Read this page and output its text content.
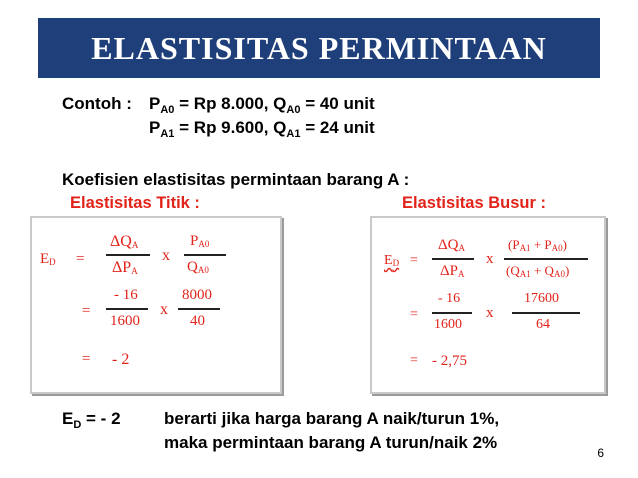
ELASTISITAS PERMINTAAN
Contoh : $P_{A0} = Rp$ 8.000, $Q_{A0} = 40$ unit
$P_{A1} = Rp$ 9.600, $Q_{A1} = 24$ unit
Koefisien elastisitas permintaan barang A :
Elastisitas Titik :	Elastisitas Busur :
$E_D$ =
$\Delta Q_A$
$\Delta P_A$
x
$P_{A0}$
$Q_{A0}$
=
- 16
1600
x
8000
40
= - 2
$E_D$ =
$\Delta Q_A$
$\Delta P_A$
x
$(P_{A1} + P_{A0})$
$(Q_{A1} + Q_{A0})$
=
- 16
1600
x
17600
64
= - 2,75
$E_D$ = - 2	berarti jika harga barang A naik/turun 1%,
maka permintaan barang A turun/naik 2%
6
